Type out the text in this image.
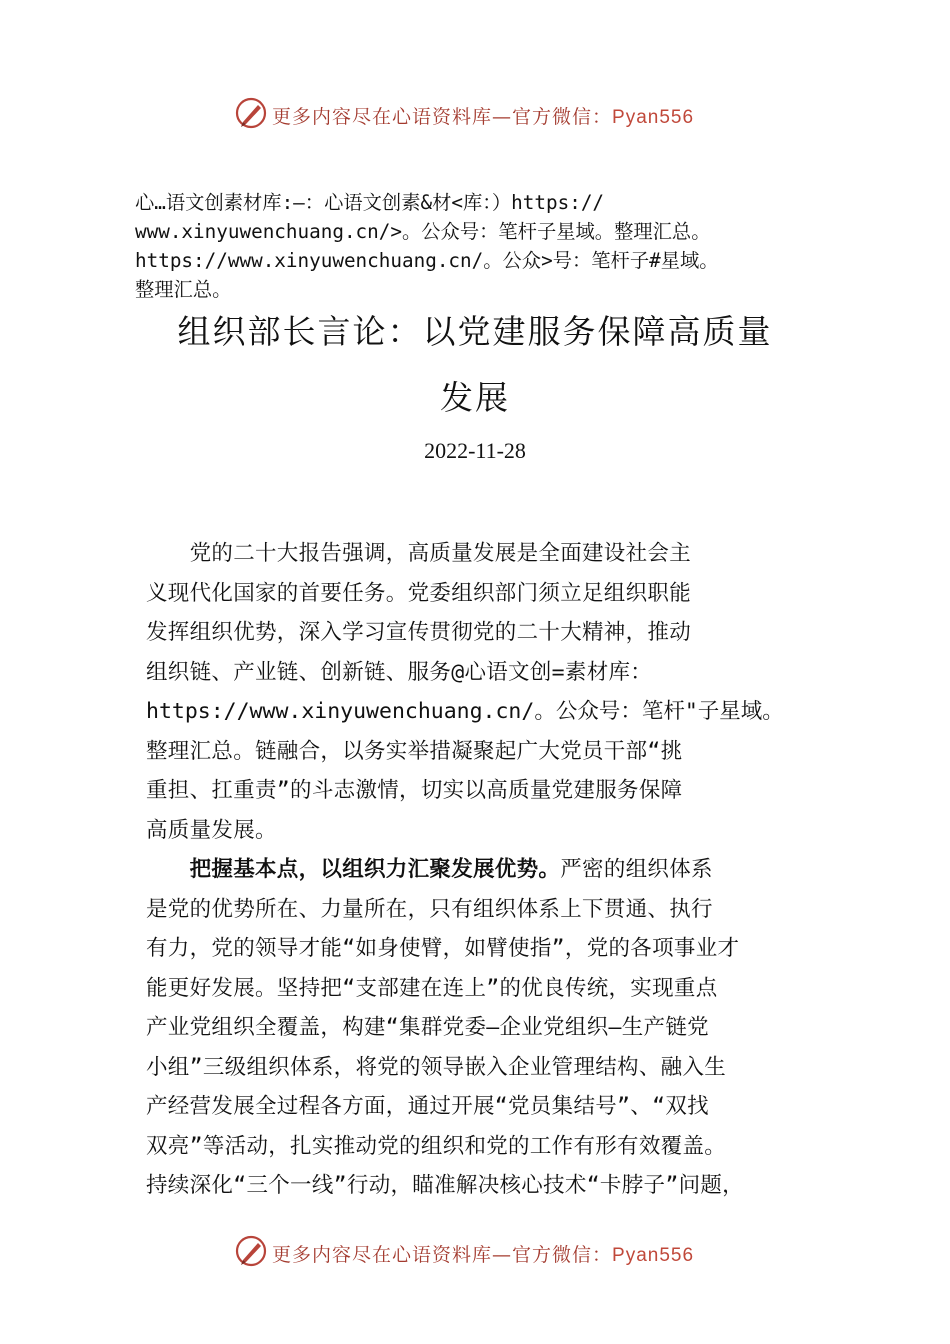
更多内容尽在心语资料库—官方微信：Pyan556
心…语文创素材库:—：心语文创素&材<库：）https://
www.xinyuwenchuang.cn/>。公众号：笔杆子星域。整理汇总。
https://www.xinyuwenchuang.cn/。公众>号：笔杆子#星域。
整理汇总。
组织部长言论：以党建服务保障高质量
发展
2022-11-28
　　党的二十大报告强调，高质量发展是全面建设社会主
义现代化国家的首要任务。党委组织部门须立足组织职能
发挥组织优势，深入学习宣传贯彻党的二十大精神，推动
组织链、产业链、创新链、服务@心语文创=素材库：
https://www.xinyuwenchuang.cn/。公众号：笔杆"子星域。
整理汇总。链融合，以务实举措凝聚起广大党员干部“挑
重担、扛重责”的斗志激情，切实以高质量党建服务保障
高质量发展。
　　把握基本点，以组织力汇聚发展优势。严密的组织体系
是党的优势所在、力量所在，只有组织体系上下贯通、执行
有力，党的领导才能“如身使臂，如臂使指”，党的各项事业才
能更好发展。坚持把“支部建在连上”的优良传统，实现重点
产业党组织全覆盖，构建“集群党委—企业党组织—生产链党
小组”三级组织体系，将党的领导嵌入企业管理结构、融入生
产经营发展全过程各方面，通过开展“党员集结号”、“双找
双亮”等活动，扎实推动党的组织和党的工作有形有效覆盖。
持续深化“三个一线”行动，瞄准解决核心技术“卡脖子”问题，
更多内容尽在心语资料库—官方微信：Pyan556
